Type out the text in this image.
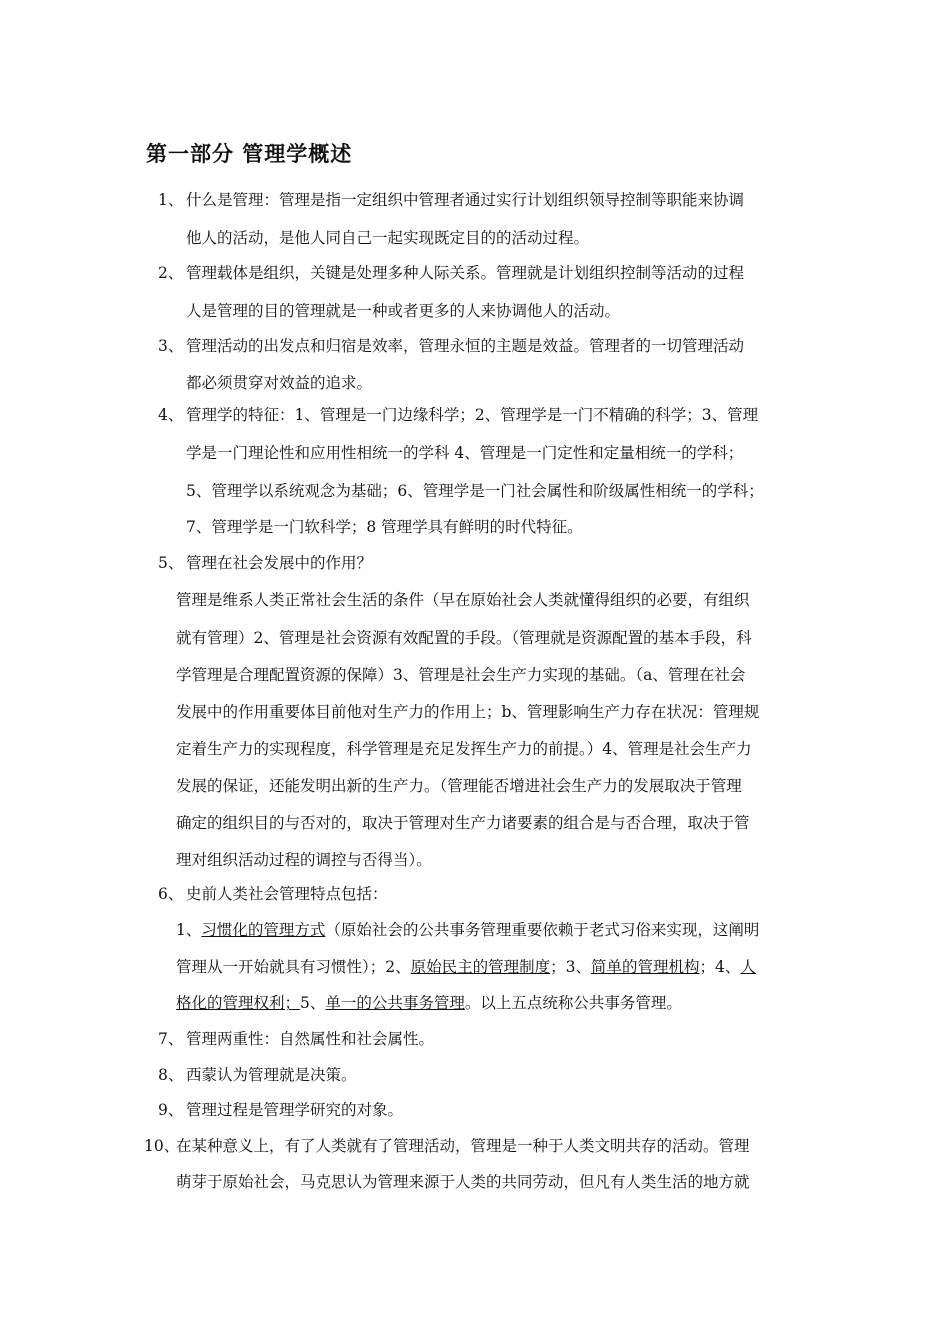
第一部分 管理学概述
1、 什么是管理：管理是指一定组织中管理者通过实行计划组织领导控制等职能来协调
他人的活动，是他人同自己一起实现既定目的的活动过程。
2、 管理载体是组织，关键是处理多种人际关系。管理就是计划组织控制等活动的过程
人是管理的目的管理就是一种或者更多的人来协调他人的活动。
3、 管理活动的出发点和归宿是效率，管理永恒的主题是效益。管理者的一切管理活动
都必须贯穿对效益的追求。
4、 管理学的特征：1、管理是一门边缘科学；2、管理学是一门不精确的科学；3、管理
学是一门理论性和应用性相统一的学科 4、管理是一门定性和定量相统一的学科；
5、管理学以系统观念为基础；6、管理学是一门社会属性和阶级属性相统一的学科；
7、管理学是一门软科学；8 管理学具有鲜明的时代特征。
5、 管理在社会发展中的作用？
管理是维系人类正常社会生活的条件（早在原始社会人类就懂得组织的必要，有组织
就有管理）2、管理是社会资源有效配置的手段。（管理就是资源配置的基本手段，科
学管理是合理配置资源的保障）3、管理是社会生产力实现的基础。（a、管理在社会
发展中的作用重要体目前他对生产力的作用上；b、管理影响生产力存在状况：管理规
定着生产力的实现程度，科学管理是充足发挥生产力的前提。）4、管理是社会生产力
发展的保证，还能发明出新的生产力。（管理能否增进社会生产力的发展取决于管理
确定的组织目的与否对的，取决于管理对生产力诸要素的组合是与否合理，取决于管
理对组织活动过程的调控与否得当）。
6、 史前人类社会管理特点包括：
1、习惯化的管理方式（原始社会的公共事务管理重要依赖于老式习俗来实现，这阐明
管理从一开始就具有习惯性）；2、原始民主的管理制度；3、简单的管理机构；4、人
格化的管理权利；5、单一的公共事务管理。以上五点统称公共事务管理。
7、 管理两重性：自然属性和社会属性。
8、 西蒙认为管理就是决策。
9、 管理过程是管理学研究的对象。
10、
在某种意义上，有了人类就有了管理活动，管理是一种于人类文明共存的活动。管理
萌芽于原始社会，马克思认为管理来源于人类的共同劳动，但凡有人类生活的地方就
